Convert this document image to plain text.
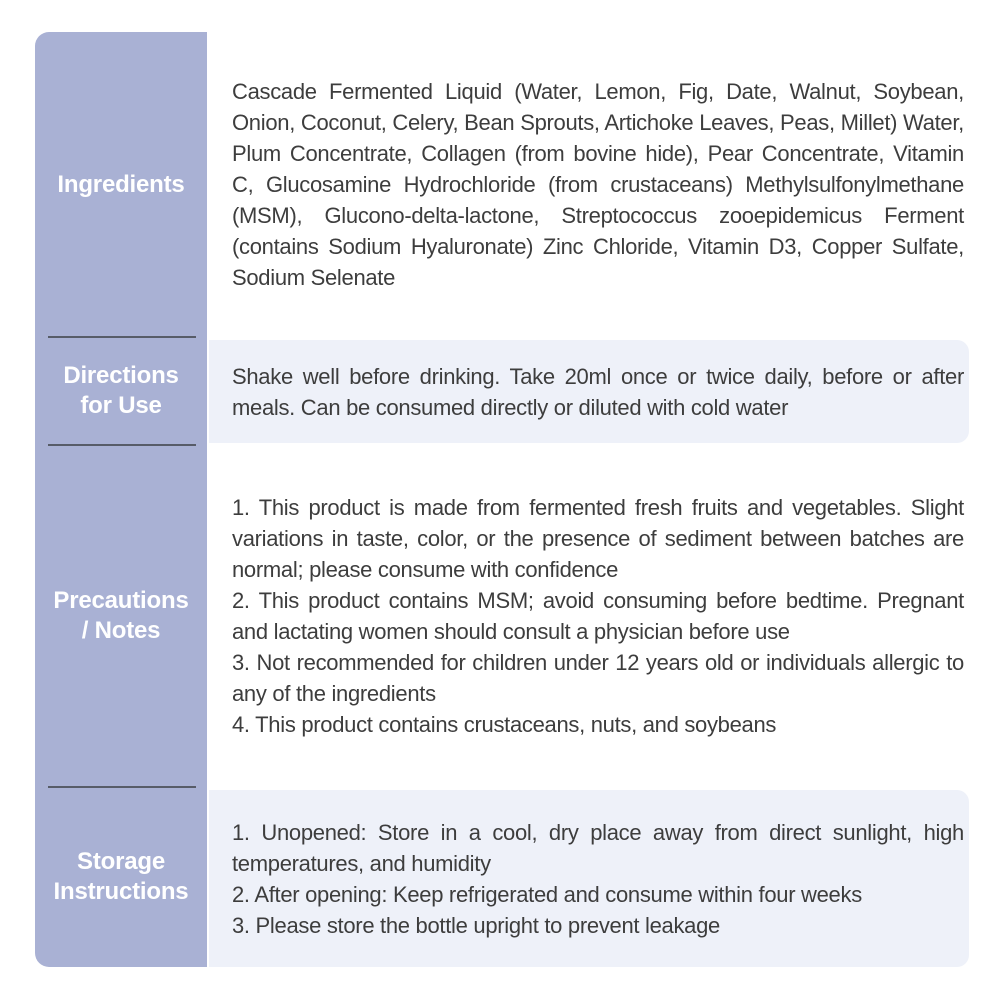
Ingredients

Cascade Fermented Liquid (Water, Lemon, Fig, Date, Walnut, Soybean, Onion, Coconut, Celery, Bean Sprouts, Artichoke Leaves, Peas, Millet) Water, Plum Concentrate, Collagen (from bovine hide), Pear Concentrate, Vitamin C, Glucosamine Hydrochloride (from crustaceans) Methylsulfonylmethane (MSM), Glucono-delta-lactone, Streptococcus zooepidemicus Ferment (contains Sodium Hyaluronate) Zinc Chloride, Vitamin D3, Copper Sulfate, Sodium Selenate

Directions
for Use

Shake well before drinking. Take 20ml once or twice daily, before or after meals. Can be consumed directly or diluted with cold water

Precautions
/ Notes

1. This product is made from fermented fresh fruits and vegetables. Slight variations in taste, color, or the presence of sediment between batches are normal; please consume with confidence

2. This product contains MSM; avoid consuming before bedtime. Pregnant and lactating women should consult a physician before use

3. Not recommended for children under 12 years old or individuals allergic to any of the ingredients

4. This product contains crustaceans, nuts, and soybeans

Storage
Instructions

1. Unopened: Store in a cool, dry place away from direct sunlight, high temperatures, and humidity

2. After opening: Keep refrigerated and consume within four weeks

3. Please store the bottle upright to prevent leakage
